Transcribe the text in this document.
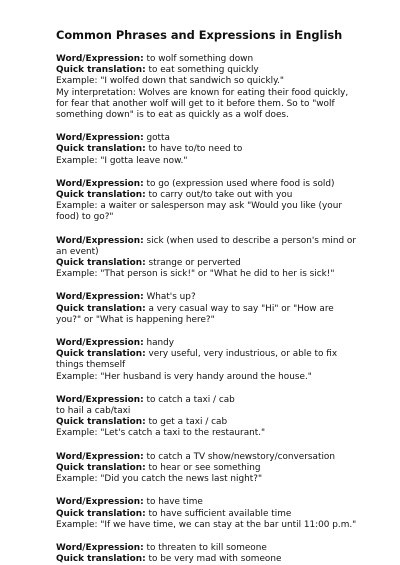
Common Phrases and Expressions in English
Word/Expression: to wolf something down
Quick translation: to eat something quickly
Example: "I wolfed down that sandwich so quickly."
My interpretation: Wolves are known for eating their food quickly,
for fear that another wolf will get to it before them. So to "wolf
something down" is to eat as quickly as a wolf does.
Word/Expression: gotta
Quick translation: to have to/to need to
Example: "I gotta leave now."
Word/Expression: to go (expression used where food is sold)
Quick translation: to carry out/to take out with you
Example: a waiter or salesperson may ask "Would you like (your
food) to go?"
Word/Expression: sick (when used to describe a person's mind or
an event)
Quick translation: strange or perverted
Example: "That person is sick!" or "What he did to her is sick!"
Word/Expression: What's up?
Quick translation: a very casual way to say "Hi" or "How are
you?" or "What is happening here?"
Word/Expression: handy
Quick translation: very useful, very industrious, or able to fix
things themself
Example: "Her husband is very handy around the house."
Word/Expression: to catch a taxi / cab
to hail a cab/taxi
Quick translation: to get a taxi / cab
Example: "Let's catch a taxi to the restaurant."
Word/Expression: to catch a TV show/newstory/conversation
Quick translation: to hear or see something
Example: "Did you catch the news last night?"
Word/Expression: to have time
Quick translation: to have sufficient available time
Example: "If we have time, we can stay at the bar until 11:00 p.m."
Word/Expression: to threaten to kill someone
Quick translation: to be very mad with someone
